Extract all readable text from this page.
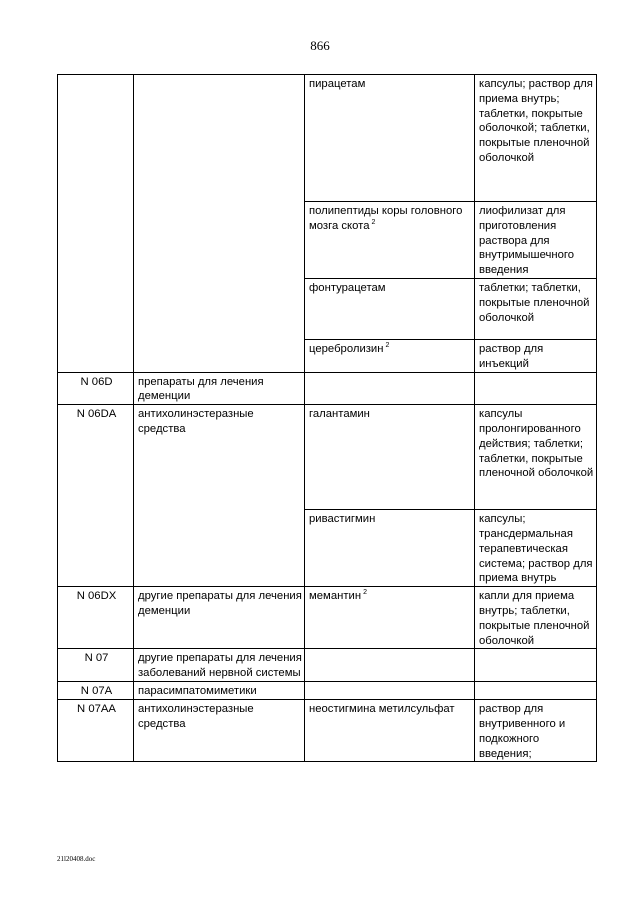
866
		пирацетам	капсулы; раствор для приема внутрь; таблетки, покрытые оболочкой; таблетки, покрытые пленочной оболочкой
		полипептиды коры головного мозга скота $^2$	лиофилизат для приготовления раствора для внутримышечного введения
		фонтурацетам	таблетки; таблетки, покрытые пленочной оболочкой
		церебролизин $^2$	раствор для инъекций
N 06D	препараты для лечения деменции		
N 06DA	антихолинэстеразные средства	галантамин	капсулы пролонгированного действия; таблетки; таблетки, покрытые пленочной оболочкой
		ривастигмин	капсулы; трансдермальная терапевтическая система; раствор для приема внутрь
N 06DX	другие препараты для лечения деменции	мемантин $^2$	капли для приема внутрь; таблетки, покрытые пленочной оболочкой
N 07	другие препараты для лечения заболеваний нервной системы		
N 07A	парасимпатомиметики		
N 07AA	антихолинэстеразные средства	неостигмина метилсульфат	раствор для внутривенного и подкожного введения;
21l20408.doc
